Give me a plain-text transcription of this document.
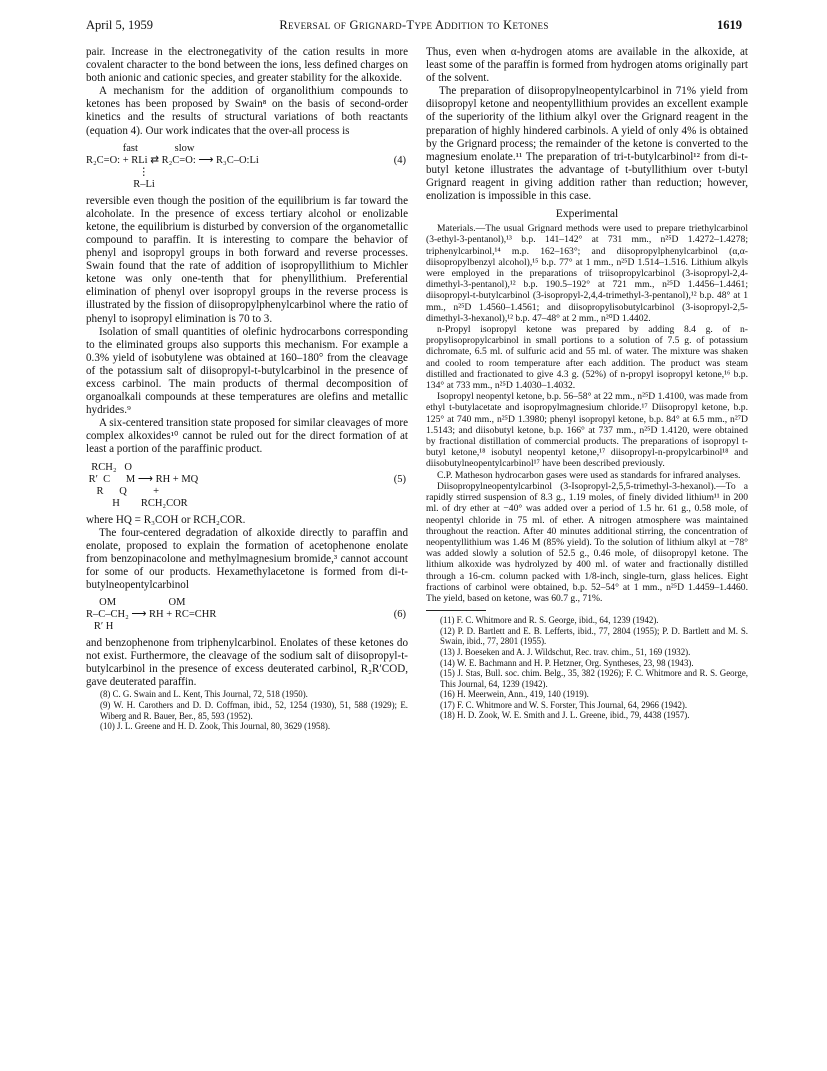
April 5, 1959	Reversal of Grignard-Type Addition to Ketones	1619

pair. Increase in the electronegativity of the cation results in more covalent character to the bond between the ions, less defined charges on both anionic and cationic species, and greater stability for the alkoxide.

A mechanism for the addition of organolithium compounds to ketones has been proposed by Swain⁸ on the basis of second-order kinetics and the results of structural variations of both reactants (equation 4). Our work indicates that the over-all process is

fast              slow
R₂C=O: + RLi ⇄ R₂C=O: ⟶ R₃C–O:Li
⋮
R–Li
(4)

reversible even though the position of the equilibrium is far toward the alcoholate. In the presence of excess tertiary alcohol or enolizable ketone, the equilibrium is disturbed by conversion of the organometallic compound to paraffin. It is interesting to compare the behavior of phenyl and isopropyl groups in both forward and reverse processes. Swain found that the rate of addition of isopropyllithium to Michler ketone was only one-tenth that for phenyllithium. Preferential elimination of phenyl over isopropyl groups in the reverse process is illustrated by the fission of diisopropylphenylcarbinol where the ratio of phenyl to isopropyl elimination is 70 to 3.

Isolation of small quantities of olefinic hydrocarbons corresponding to the eliminated groups also supports this mechanism. For example a 0.3% yield of isobutylene was obtained at 160–180° from the cleavage of the potassium salt of diisopropyl-t-butylcarbinol in the presence of excess carbinol. The main products of thermal decomposition of organoalkali compounds at these temperatures are olefins and metallic hydrides.⁹

A six-centered transition state proposed for similar cleavages of more complex alkoxides¹⁰ cannot be ruled out for the direct formation of at least a portion of the paraffinic product.

RCH₂   O
R′  C      M ⟶ RH + MQ
R      Q          +
H        RCH₂COR
(5)

where HQ = R₃COH or RCH₂COR.

The four-centered degradation of alkoxide directly to paraffin and enolate, proposed to explain the formation of acetophenone enolate from benzopinacolone and methylmagnesium bromide,³ cannot account for some of our products. Hexamethylacetone is formed from di-t-butylneopentylcarbinol

OM                    OM
R–C–CH₂ ⟶ RH + RC=CHR
R′ H
(6)

and benzophenone from triphenylcarbinol. Enolates of these ketones do not exist. Furthermore, the cleavage of the sodium salt of diisopropyl-t-butylcarbinol in the presence of excess deuterated carbinol, R₂R′COD, gave deuterated paraffin.

(8) C. G. Swain and L. Kent, This Journal, 72, 518 (1950).

(9) W. H. Carothers and D. D. Coffman, ibid., 52, 1254 (1930), 51, 588 (1929); E. Wiberg and R. Bauer, Ber., 85, 593 (1952).

(10) J. L. Greene and H. D. Zook, This Journal, 80, 3629 (1958).

Thus, even when α-hydrogen atoms are available in the alkoxide, at least some of the paraffin is formed from hydrogen atoms originally part of the solvent.

The preparation of diisopropylneopentylcarbinol in 71% yield from diisopropyl ketone and neopentyllithium provides an excellent example of the superiority of the lithium alkyl over the Grignard reagent in the preparation of highly hindered carbinols. A yield of only 4% is obtained by the Grignard process; the remainder of the ketone is converted to the magnesium enolate.¹¹ The preparation of tri-t-butylcarbinol¹² from di-t-butyl ketone illustrates the advantage of t-butyllithium over t-butyl Grignard reagent in giving addition rather than reduction; however, enolization is impossible in this case.

Experimental

Materials.—The usual Grignard methods were used to prepare triethylcarbinol (3-ethyl-3-pentanol),¹³ b.p. 141–142° at 731 mm., n²⁵D 1.4272–1.4278; triphenylcarbinol,¹⁴ m.p. 162–163°; and diisopropylphenylcarbinol (α,α-diisopropylbenzyl alcohol),¹⁵ b.p. 77° at 1 mm., n²⁵D 1.514–1.516. Lithium alkyls were employed in the preparations of triisopropylcarbinol (3-isopropyl-2,4-dimethyl-3-pentanol),¹² b.p. 190.5–192° at 721 mm., n²⁵D 1.4456–1.4461; diisopropyl-t-butylcarbinol (3-isopropyl-2,4,4-trimethyl-3-pentanol),¹² b.p. 48° at 1 mm., n²⁵D 1.4560–1.4561; and diisopropylisobutylcarbinol (3-isopropyl-2,5-dimethyl-3-hexanol),¹² b.p. 47–48° at 2 mm., n²⁰D 1.4402.

n-Propyl isopropyl ketone was prepared by adding 8.4 g. of n-propylisopropylcarbinol in small portions to a solution of 7.5 g. of potassium dichromate, 6.5 ml. of sulfuric acid and 55 ml. of water. The mixture was shaken and cooled to room temperature after each addition. The product was steam distilled and fractionated to give 4.3 g. (52%) of n-propyl isopropyl ketone,¹⁶ b.p. 134° at 733 mm., n²⁵D 1.4030–1.4032.

Isopropyl neopentyl ketone, b.p. 56–58° at 22 mm., n²⁵D 1.4100, was made from ethyl t-butylacetate and isopropylmagnesium chloride.¹⁷ Diisopropyl ketone, b.p. 125° at 740 mm., n²⁵D 1.3980; phenyl isopropyl ketone, b.p. 84° at 6.5 mm., n²⁷D 1.5143; and diisobutyl ketone, b.p. 166° at 737 mm., n²⁵D 1.4120, were obtained by fractional distillation of commercial products. The preparations of isopropyl t-butyl ketone,¹⁸ isobutyl neopentyl ketone,¹⁷ diisopropyl-n-propylcarbinol¹⁸ and diisobutylneopentylcarbinol¹⁷ have been described previously.

C.P. Matheson hydrocarbon gases were used as standards for infrared analyses.

Diisopropylneopentylcarbinol (3-Isopropyl-2,5,5-trimethyl-3-hexanol).—To a rapidly stirred suspension of 8.3 g., 1.19 moles, of finely divided lithium¹¹ in 200 ml. of dry ether at −40° was added over a period of 1.5 hr. 61 g., 0.58 mole, of neopentyl chloride in 75 ml. of ether. A nitrogen atmosphere was maintained throughout the reaction. After 40 minutes additional stirring, the concentration of neopentyllithium was 1.46 M (85% yield). To the solution of lithium alkyl at −78° was added slowly a solution of 52.5 g., 0.46 mole, of diisopropyl ketone. The lithium alkoxide was hydrolyzed by 400 ml. of water and fractionally distilled through a 16-cm. column packed with 1/8-inch, single-turn, glass helices. Eight fractions of carbinol were obtained, b.p. 52–54° at 1 mm., n²⁵D 1.4459–1.4460. The yield, based on ketone, was 60.7 g., 71%.

(11) F. C. Whitmore and R. S. George, ibid., 64, 1239 (1942).

(12) P. D. Bartlett and E. B. Lefferts, ibid., 77, 2804 (1955); P. D. Bartlett and M. S. Swain, ibid., 77, 2801 (1955).

(13) J. Boeseken and A. J. Wildschut, Rec. trav. chim., 51, 169 (1932).

(14) W. E. Bachmann and H. P. Hetzner, Org. Syntheses, 23, 98 (1943).

(15) J. Stas, Bull. soc. chim. Belg., 35, 382 (1926); F. C. Whitmore and R. S. George, This Journal, 64, 1239 (1942).

(16) H. Meerwein, Ann., 419, 140 (1919).

(17) F. C. Whitmore and W. S. Forster, This Journal, 64, 2966 (1942).

(18) H. D. Zook, W. E. Smith and J. L. Greene, ibid., 79, 4438 (1957).
